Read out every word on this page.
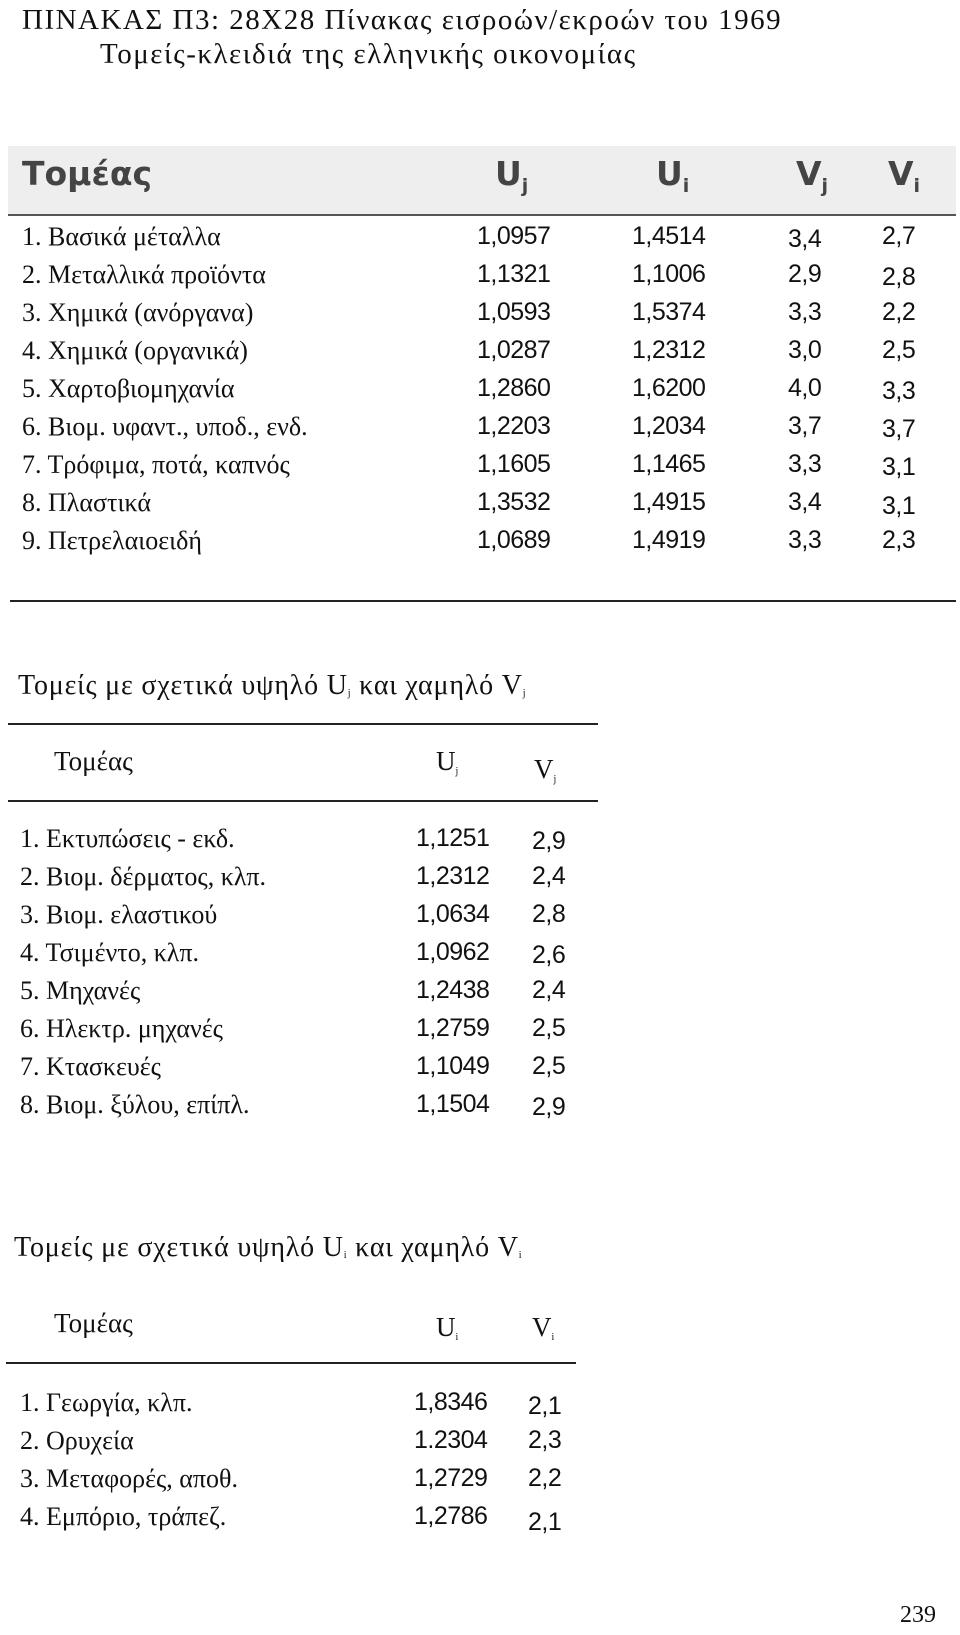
ΠΙΝΑΚΑΣ Π3: 28Χ28 Πίνακας εισροών/εκροών του 1969
Τομείς-κλειδιά της ελληνικής οικονομίας
Τομέας	$U_j$	$U_i$	$V_j$ $V_i$
1. Βασικά μέταλλα	1,0957	1,4514	3,4 2,7
2. Μεταλλικά προϊόντα	1,1321	1,1006	2,9 2,8
3. Χημικά (ανόργανα)	1,0593	1,5374	3,3 2,2
4. Χημικά (οργανικά)	1,0287	1,2312	3,0 2,5
5. Χαρτοβιομηχανία	1,2860	1,6200	4,0 3,3
6. Βιομ. υφαντ., υποδ., ενδ.	1,2203	1,2034	3,7 3,7
7. Τρόφιμα, ποτά, καπνός	1,1605	1,1465	3,3 3,1
8. Πλαστικά	1,3532	1,4915	3,4 3,1
9. Πετρελαιοειδή	1,0689	1,4919	3,3 2,3
Τομείς με σχετικά υψηλό $U_j$ και χαμηλό $V_j$
Τομέας	$U_j$	$V_j$
1. Εκτυπώσεις - εκδ.	1,1251 2,9
2. Βιομ. δέρματος, κλπ.	1,2312 2,4
3. Βιομ. ελαστικού	1,0634 2,8
4. Τσιμέντο, κλπ.	1,0962 2,6
5. Μηχανές	1,2438 2,4
6. Ηλεκτρ. μηχανές	1,2759 2,5
7. Κτασκευές	1,1049 2,5
8. Βιομ. ξύλου, επίπλ.	1,1504 2,9
Τομείς με σχετικά υψηλό $U_i$ και χαμηλό $V_i$
Τομέας	$U_i$	$V_i$
1. Γεωργία, κλπ.	1,8346 2,1
2. Ορυχεία	1.2304 2,3
3. Μεταφορές, αποθ.	1,2729 2,2
4. Εμπόριο, τράπεζ.	1,2786 2,1
239
